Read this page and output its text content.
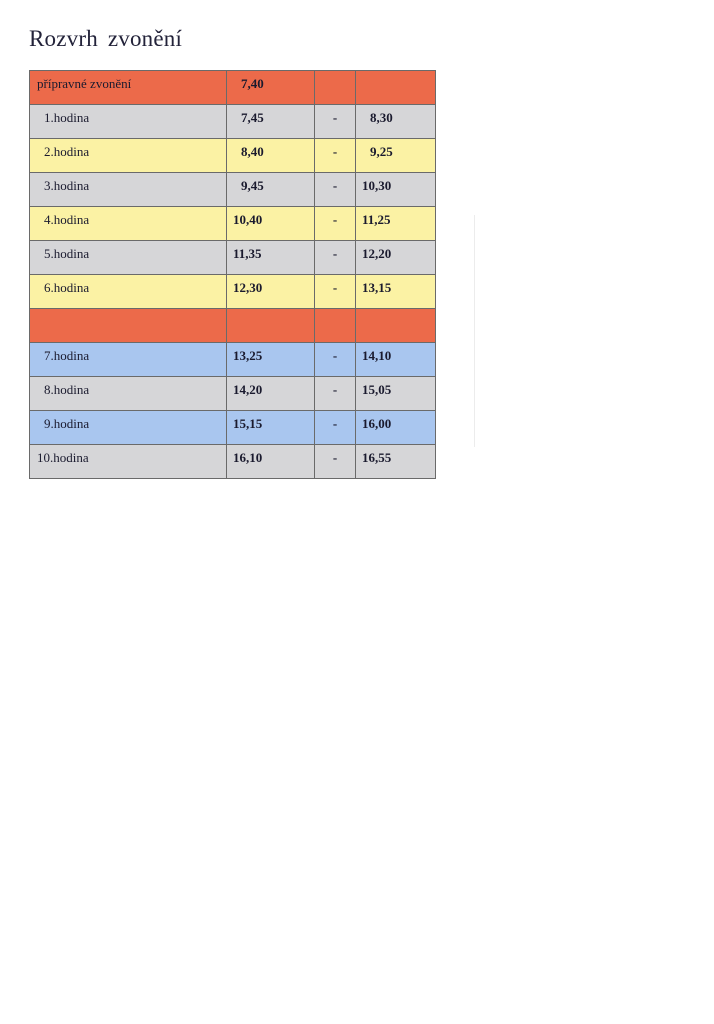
Rozvrh zvonění
přípravné zvonění	7,40		
1.hodina	7,45	-	8,30
2.hodina	8,40	-	9,25
3.hodina	9,45	-	10,30
4.hodina	10,40	-	11,25
5.hodina	11,35	-	12,20
6.hodina	12,30	-	13,15

7.hodina	13,25	-	14,10
8.hodina	14,20	-	15,05
9.hodina	15,15	-	16,00
10.hodina	16,10	-	16,55
